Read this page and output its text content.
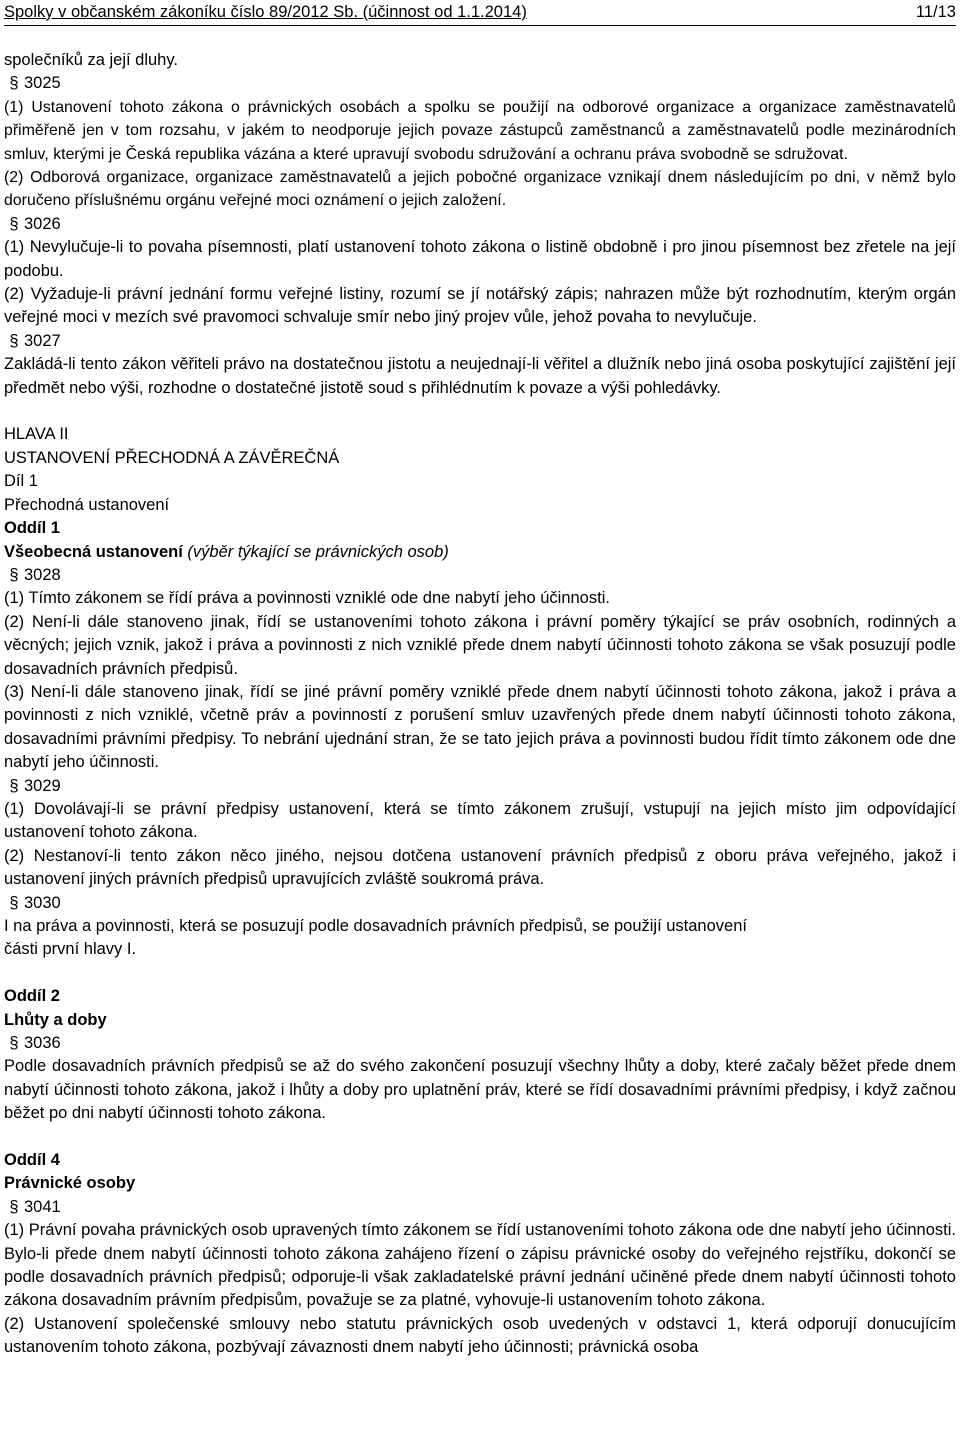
Spolky v občanském zákoníku číslo 89/2012 Sb. (účinnost od 1.1.2014)	11/13

společníků za její dluhy.

§ 3025

(1) Ustanovení tohoto zákona o právnických osobách a spolku se použijí na odborové organizace a organizace zaměstnavatelů přiměřeně jen v tom rozsahu, v jakém to neodporuje jejich povaze zástupců zaměstnanců a zaměstnavatelů podle mezinárodních smluv, kterými je Česká republika vázána a které upravují svobodu sdružování a ochranu práva svobodně se sdružovat.

(2) Odborová organizace, organizace zaměstnavatelů a jejich pobočné organizace vznikají dnem následujícím po dni, v němž bylo doručeno příslušnému orgánu veřejné moci oznámení o jejich založení.

§ 3026

(1) Nevylučuje-li to povaha písemnosti, platí ustanovení tohoto zákona o listině obdobně i pro jinou písemnost bez zřetele na její podobu.

(2) Vyžaduje-li právní jednání formu veřejné listiny, rozumí se jí notářský zápis; nahrazen může být rozhodnutím, kterým orgán veřejné moci v mezích své pravomoci schvaluje smír nebo jiný projev vůle, jehož povaha to nevylučuje.

§ 3027

Zakládá-li tento zákon věřiteli právo na dostatečnou jistotu a neujednají-li věřitel a dlužník nebo jiná osoba poskytující zajištění její předmět nebo výši, rozhodne o dostatečné jistotě soud s přihlédnutím k povaze a výši pohledávky.

HLAVA II

USTANOVENÍ PŘECHODNÁ A ZÁVĚREČNÁ

Díl 1

Přechodná ustanovení

Oddíl 1

Všeobecná ustanovení (výběr týkající se právnických osob)

§ 3028

(1) Tímto zákonem se řídí práva a povinnosti vzniklé ode dne nabytí jeho účinnosti.

(2) Není-li dále stanoveno jinak, řídí se ustanoveními tohoto zákona i právní poměry týkající se práv osobních, rodinných a věcných; jejich vznik, jakož i práva a povinnosti z nich vzniklé přede dnem nabytí účinnosti tohoto zákona se však posuzují podle dosavadních právních předpisů.

(3) Není-li dále stanoveno jinak, řídí se jiné právní poměry vzniklé přede dnem nabytí účinnosti tohoto zákona, jakož i práva a povinnosti z nich vzniklé, včetně práv a povinností z porušení smluv uzavřených přede dnem nabytí účinnosti tohoto zákona, dosavadními právními předpisy. To nebrání ujednání stran, že se tato jejich práva a povinnosti budou řídit tímto zákonem ode dne nabytí jeho účinnosti.

§ 3029

(1) Dovolávají-li se právní předpisy ustanovení, která se tímto zákonem zrušují, vstupují na jejich místo jim odpovídající ustanovení tohoto zákona.

(2) Nestanoví-li tento zákon něco jiného, nejsou dotčena ustanovení právních předpisů z oboru práva veřejného, jakož i ustanovení jiných právních předpisů upravujících zvláště soukromá práva.

§ 3030

I na práva a povinnosti, která se posuzují podle dosavadních právních předpisů, se použijí ustanovení

části první hlavy I.

Oddíl 2

Lhůty a doby

§ 3036

Podle dosavadních právních předpisů se až do svého zakončení posuzují všechny lhůty a doby, které začaly běžet přede dnem nabytí účinnosti tohoto zákona, jakož i lhůty a doby pro uplatnění práv, které se řídí dosavadními právními předpisy, i když začnou běžet po dni nabytí účinnosti tohoto zákona.

Oddíl 4

Právnické osoby

§ 3041

(1) Právní povaha právnických osob upravených tímto zákonem se řídí ustanoveními tohoto zákona ode dne nabytí jeho účinnosti. Bylo-li přede dnem nabytí účinnosti tohoto zákona zahájeno řízení o zápisu právnické osoby do veřejného rejstříku, dokončí se podle dosavadních právních předpisů; odporuje-li však zakladatelské právní jednání učiněné přede dnem nabytí účinnosti tohoto zákona dosavadním právním předpisům, považuje se za platné, vyhovuje-li ustanovením tohoto zákona.

(2) Ustanovení společenské smlouvy nebo statutu právnických osob uvedených v odstavci 1, která odporují donucujícím ustanovením tohoto zákona, pozbývají závaznosti dnem nabytí jeho účinnosti; právnická osoba
